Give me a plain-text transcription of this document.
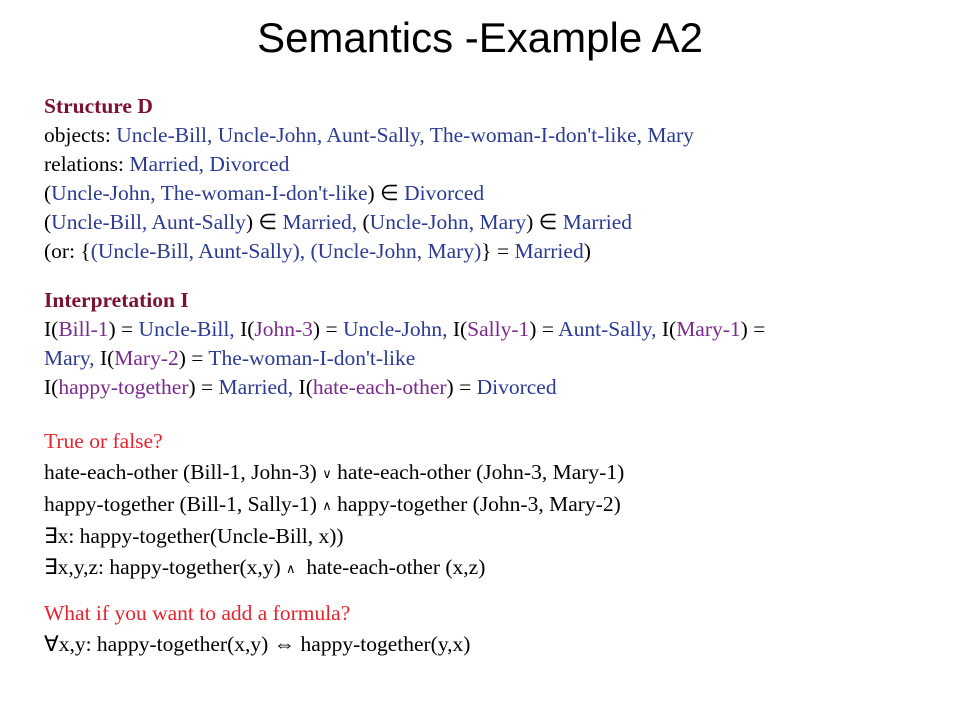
Semantics -Example A2
Structure D
objects: Uncle-Bill, Uncle-John, Aunt-Sally, The-woman-I-don't-like, Mary
relations: Married, Divorced
(Uncle-John, The-woman-I-don't-like) ∈ Divorced
(Uncle-Bill, Aunt-Sally) ∈ Married, (Uncle-John, Mary) ∈ Married
(or: {(Uncle-Bill, Aunt-Sally), (Uncle-John, Mary)} = Married)
Interpretation I
I(Bill-1) = Uncle-Bill, I(John-3) = Uncle-John, I(Sally-1) = Aunt-Sally, I(Mary-1) =
Mary, I(Mary-2) = The-woman-I-don't-like
I(happy-together) = Married, I(hate-each-other) = Divorced
True or false?
hate-each-other (Bill-1, John-3) ∨ hate-each-other (John-3, Mary-1)
happy-together (Bill-1, Sally-1) ∧ happy-together (John-3, Mary-2)
∃x: happy-together(Uncle-Bill, x))
∃x,y,z: happy-together(x,y) ∧  hate-each-other (x,z)
What if you want to add a formula?
∀x,y: happy-together(x,y) ⇔ happy-together(y,x)
